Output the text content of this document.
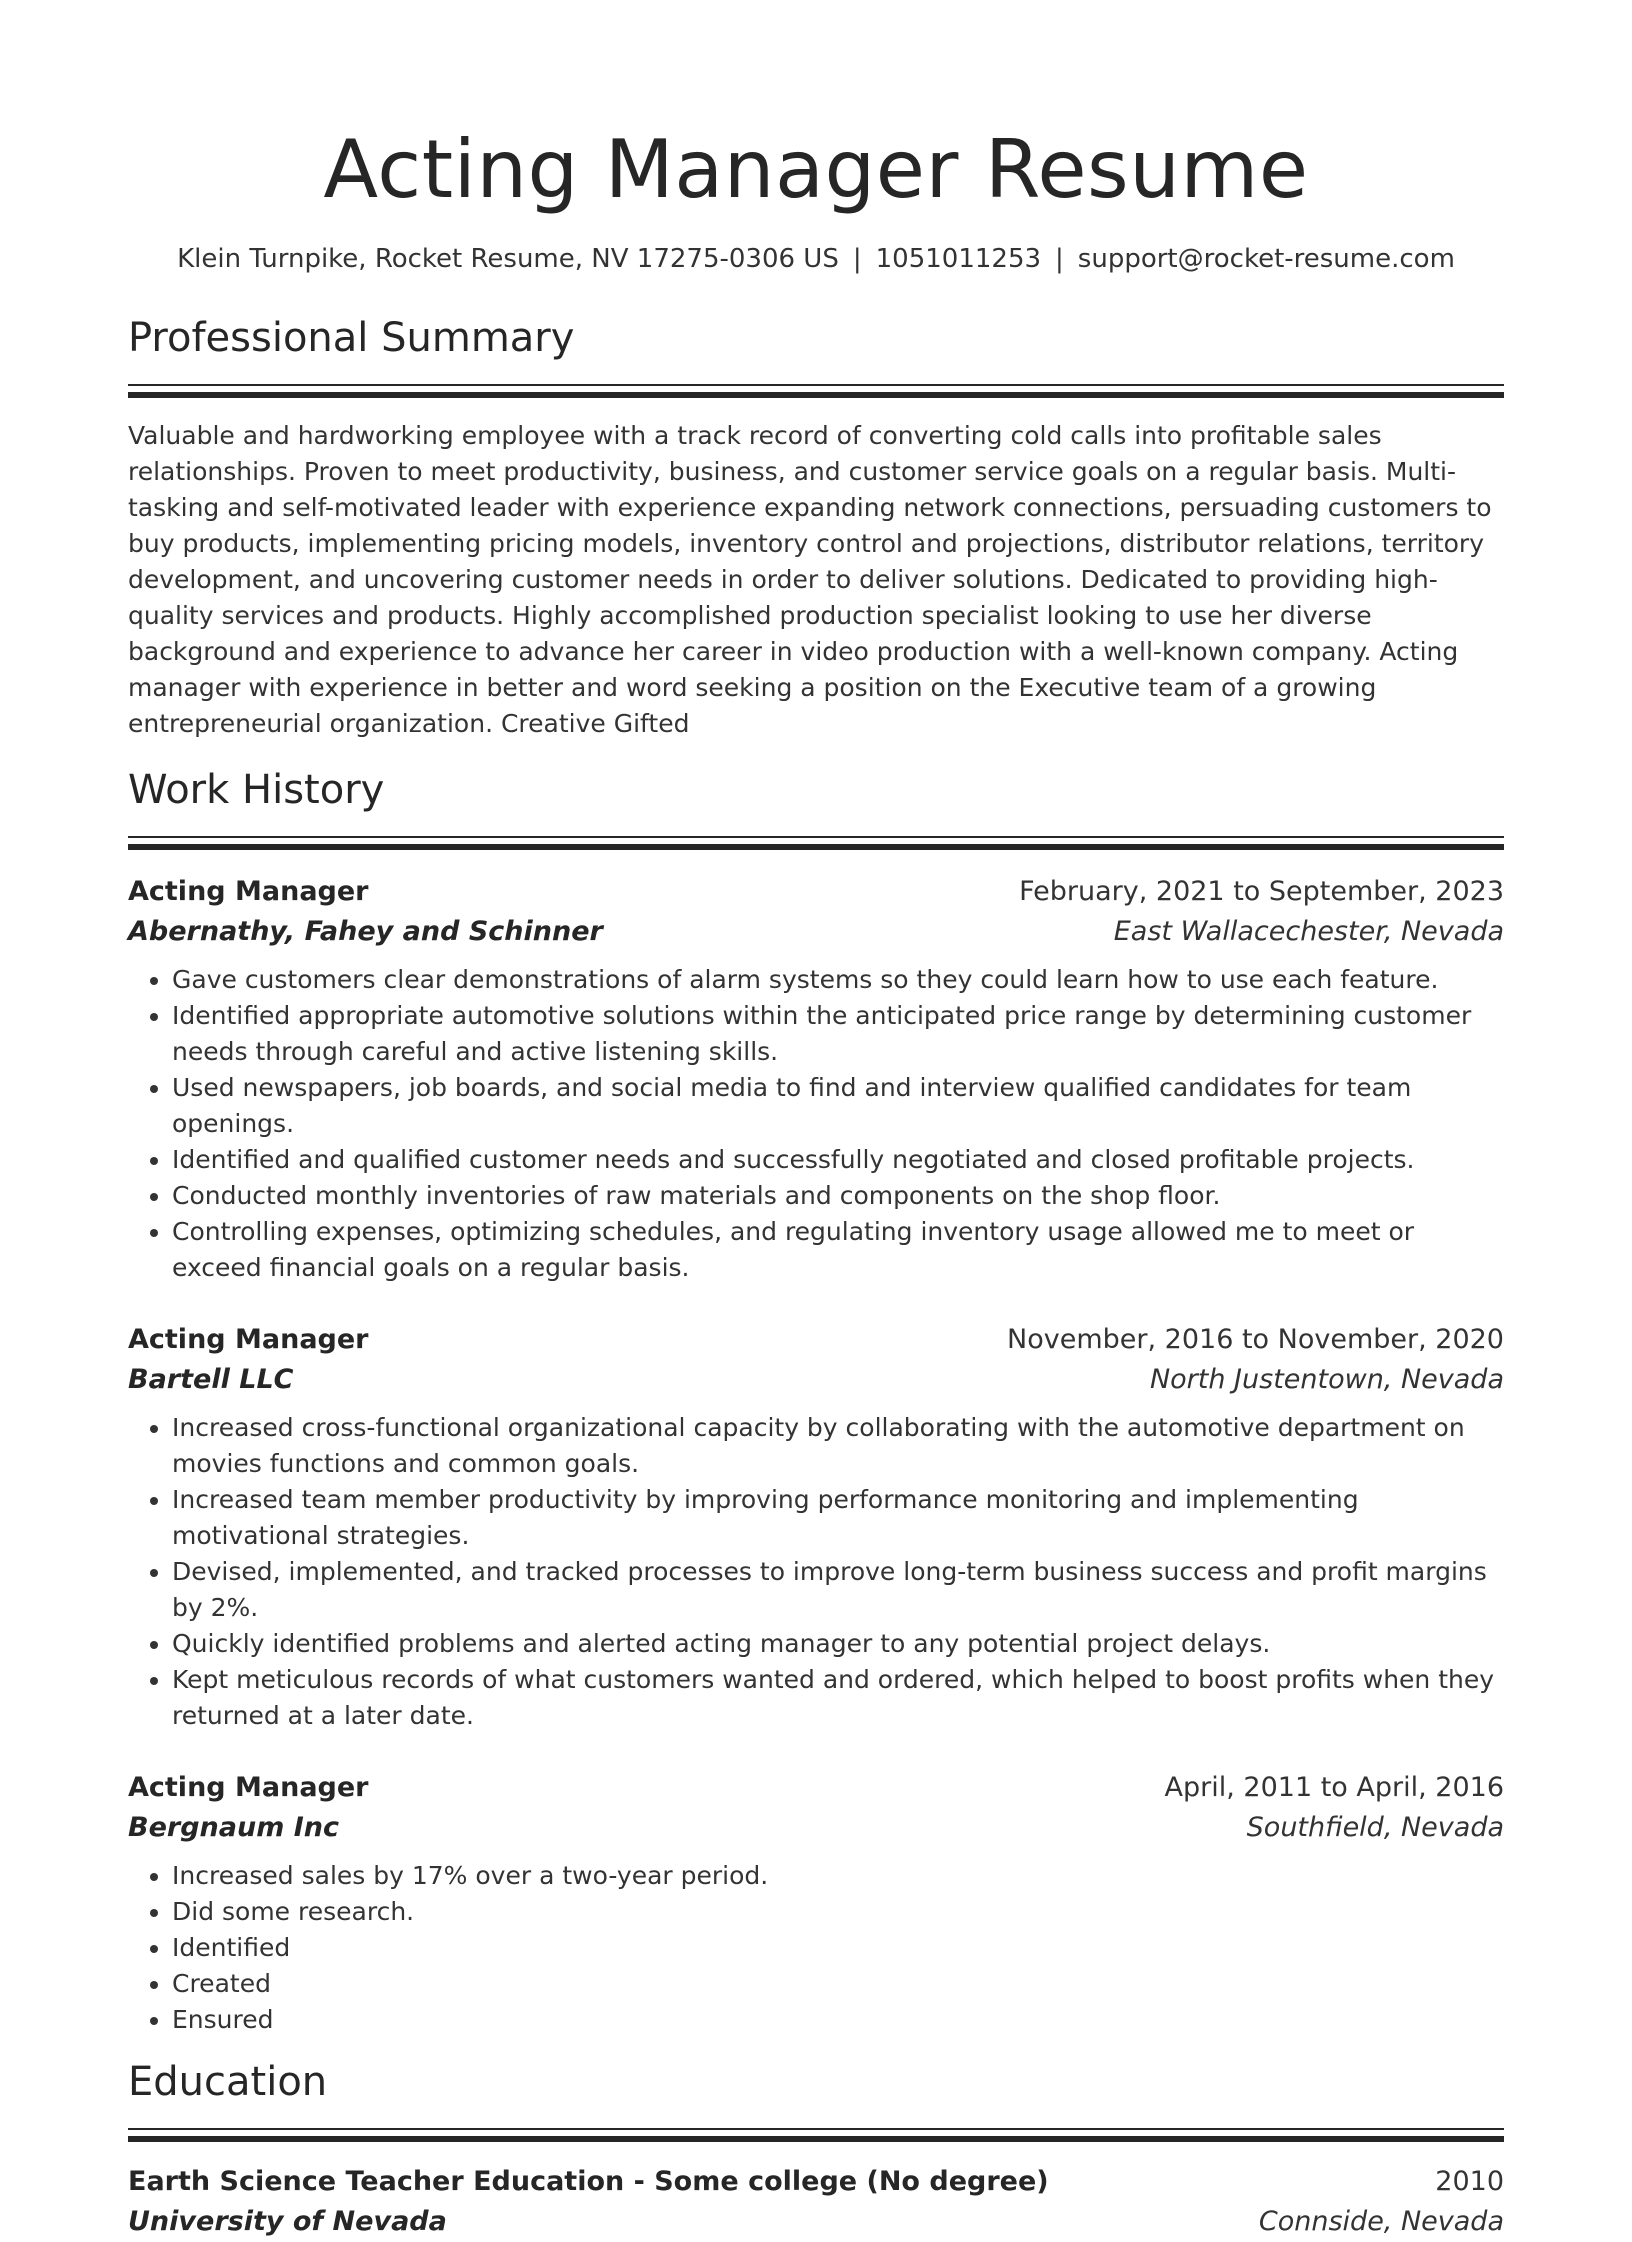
Acting Manager Resume
Klein Turnpike, Rocket Resume, NV 17275-0306 US | 1051011253 | support@rocket-resume.com
Professional Summary

Valuable and hardworking employee with a track record of converting cold calls into profitable sales relationships. Proven to meet productivity, business, and customer service goals on a regular basis. Multi-tasking and self-motivated leader with experience expanding network connections, persuading customers to buy products, implementing pricing models, inventory control and projections, distributor relations, territory development, and uncovering customer needs in order to deliver solutions. Dedicated to providing high-quality services and products. Highly accomplished production specialist looking to use her diverse background and experience to advance her career in video production with a well-known company. Acting manager with experience in better and word seeking a position on the Executive team of a growing entrepreneurial organization. Creative Gifted

Work History
Acting Manager	February, 2021 to September, 2023
Abernathy, Fahey and Schinner	East Wallacechester, Nevada
• Gave customers clear demonstrations of alarm systems so they could learn how to use each feature.
• Identified appropriate automotive solutions within the anticipated price range by determining customer needs through careful and active listening skills.
• Used newspapers, job boards, and social media to find and interview qualified candidates for team openings.
• Identified and qualified customer needs and successfully negotiated and closed profitable projects.
• Conducted monthly inventories of raw materials and components on the shop floor.
• Controlling expenses, optimizing schedules, and regulating inventory usage allowed me to meet or exceed financial goals on a regular basis.
Acting Manager	November, 2016 to November, 2020
Bartell LLC	North Justentown, Nevada
• Increased cross-functional organizational capacity by collaborating with the automotive department on movies functions and common goals.
• Increased team member productivity by improving performance monitoring and implementing motivational strategies.
• Devised, implemented, and tracked processes to improve long-term business success and profit margins by 2%.
• Quickly identified problems and alerted acting manager to any potential project delays.
• Kept meticulous records of what customers wanted and ordered, which helped to boost profits when they returned at a later date.
Acting Manager	April, 2011 to April, 2016
Bergnaum Inc	Southfield, Nevada
• Increased sales by 17% over a two-year period.
• Did some research.
• Identified
• Created
• Ensured
Education
Earth Science Teacher Education - Some college (No degree)	2010
University of Nevada	Connside, Nevada
